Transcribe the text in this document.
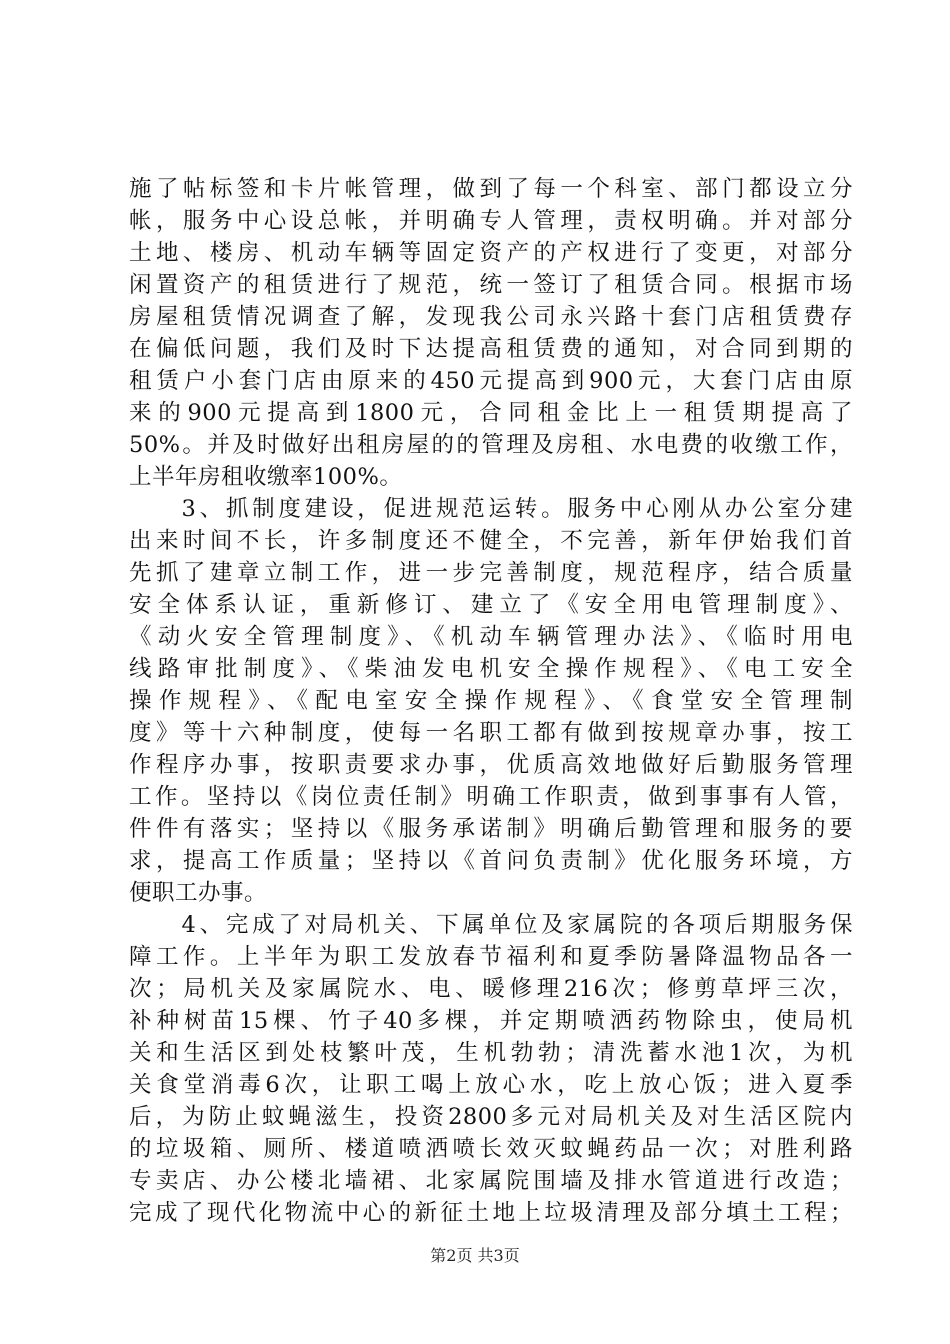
施了帖标签和卡片帐管理，做到了每一个科室、部门都设立分
帐，服务中心设总帐，并明确专人管理，责权明确。并对部分
土地、楼房、机动车辆等固定资产的产权进行了变更，对部分
闲置资产的租赁进行了规范，统一签订了租赁合同。根据市场
房屋租赁情况调查了解，发现我公司永兴路十套门店租赁费存
在偏低问题，我们及时下达提高租赁费的通知，对合同到期的
租赁户小套门店由原来的450元提高到900元，大套门店由原
来的900元提高到1800元，合同租金比上一租赁期提高了
50%。并及时做好出租房屋的的管理及房租、水电费的收缴工作，
上半年房租收缴率100%。
　　3、抓制度建设，促进规范运转。服务中心刚从办公室分建
出来时间不长，许多制度还不健全，不完善，新年伊始我们首
先抓了建章立制工作，进一步完善制度，规范程序，结合质量
安全体系认证，重新修订、建立了《安全用电管理制度》、
《动火安全管理制度》、《机动车辆管理办法》、《临时用电
线路审批制度》、《柴油发电机安全操作规程》、《电工安全
操作规程》、《配电室安全操作规程》、《食堂安全管理制
度》等十六种制度，使每一名职工都有做到按规章办事，按工
作程序办事，按职责要求办事，优质高效地做好后勤服务管理
工作。坚持以《岗位责任制》明确工作职责，做到事事有人管，
件件有落实；坚持以《服务承诺制》明确后勤管理和服务的要
求，提高工作质量；坚持以《首问负责制》优化服务环境，方
便职工办事。
　　4、完成了对局机关、下属单位及家属院的各项后期服务保
障工作。上半年为职工发放春节福利和夏季防暑降温物品各一
次；局机关及家属院水、电、暖修理216次；修剪草坪三次，
补种树苗15棵、竹子40多棵，并定期喷洒药物除虫，使局机
关和生活区到处枝繁叶茂，生机勃勃；清洗蓄水池1次，为机
关食堂消毒6次，让职工喝上放心水，吃上放心饭；进入夏季
后，为防止蚊蝇滋生，投资2800多元对局机关及对生活区院内
的垃圾箱、厕所、楼道喷洒喷长效灭蚊蝇药品一次；对胜利路
专卖店、办公楼北墙裙、北家属院围墙及排水管道进行改造；
完成了现代化物流中心的新征土地上垃圾清理及部分填土工程；
第2页 共3页
